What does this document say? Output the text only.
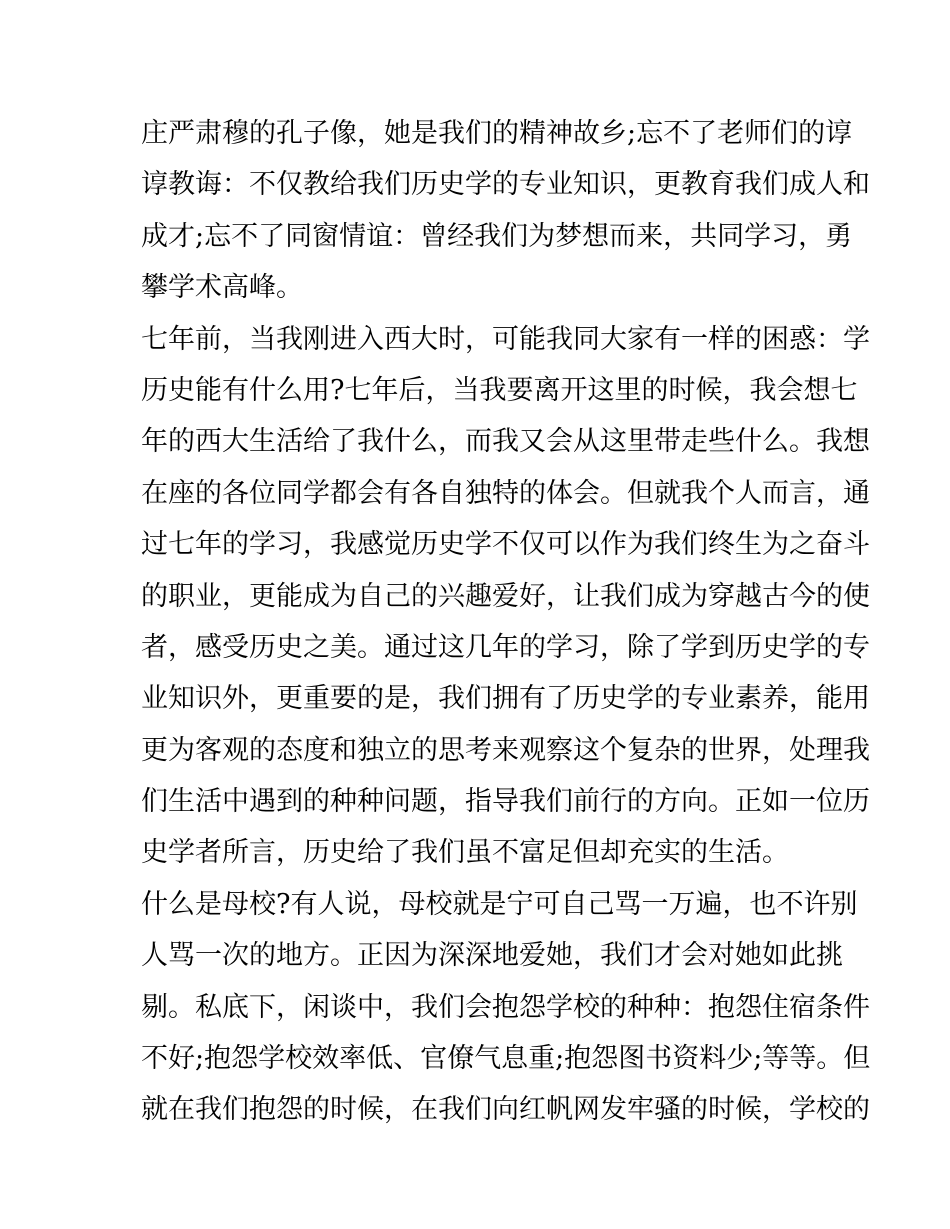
庄严肃穆的孔子像，她是我们的精神故乡;忘不了老师们的谆
谆教诲：不仅教给我们历史学的专业知识，更教育我们成人和
成才;忘不了同窗情谊：曾经我们为梦想而来，共同学习，勇
攀学术高峰。
七年前，当我刚进入西大时，可能我同大家有一样的困惑：学
历史能有什么用?七年后，当我要离开这里的时候，我会想七
年的西大生活给了我什么，而我又会从这里带走些什么。我想
在座的各位同学都会有各自独特的体会。但就我个人而言，通
过七年的学习，我感觉历史学不仅可以作为我们终生为之奋斗
的职业，更能成为自己的兴趣爱好，让我们成为穿越古今的使
者，感受历史之美。通过这几年的学习，除了学到历史学的专
业知识外，更重要的是，我们拥有了历史学的专业素养，能用
更为客观的态度和独立的思考来观察这个复杂的世界，处理我
们生活中遇到的种种问题，指导我们前行的方向。正如一位历
史学者所言，历史给了我们虽不富足但却充实的生活。
什么是母校?有人说，母校就是宁可自己骂一万遍，也不许别
人骂一次的地方。正因为深深地爱她，我们才会对她如此挑
剔。私底下，闲谈中，我们会抱怨学校的种种：抱怨住宿条件
不好;抱怨学校效率低、官僚气息重;抱怨图书资料少;等等。但
就在我们抱怨的时候，在我们向红帆网发牢骚的时候，学校的
